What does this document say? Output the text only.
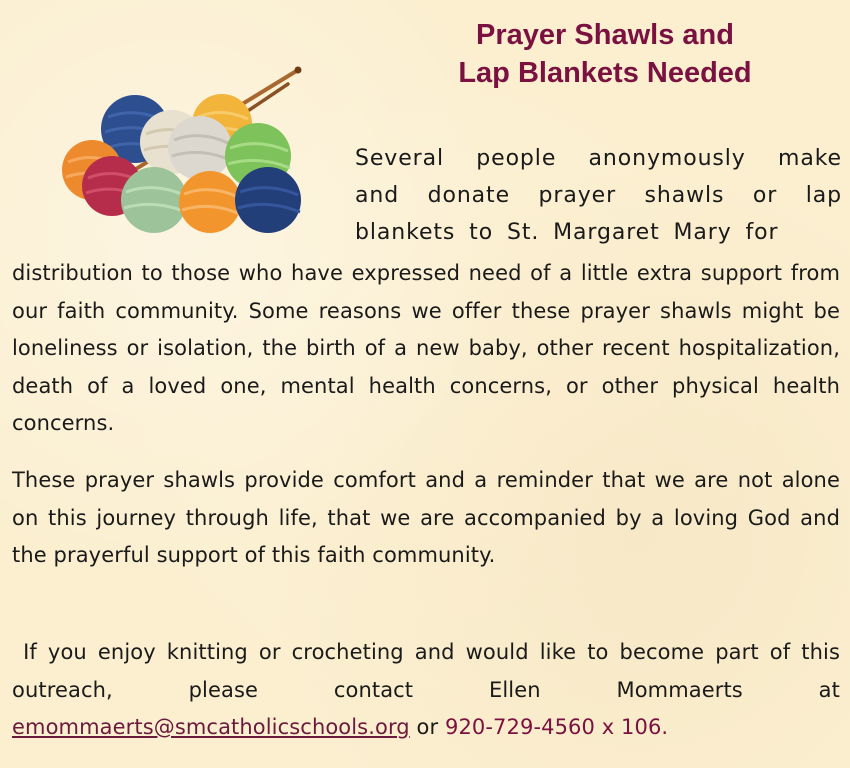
Prayer Shawls and
Lap Blankets Needed
Several people anonymously make and donate prayer shawls or lap blankets to St. Margaret Mary for
distribution to those who have expressed need of a little extra support from our faith community. Some reasons we offer these prayer shawls might be loneliness or isolation, the birth of a new baby, other recent hospitalization, death of a loved one, mental health concerns, or other physical health concerns.
These prayer shawls provide comfort and a reminder that we are not alone on this journey through life, that we are accompanied by a loving God and the prayerful support of this faith community.
If you enjoy knitting or crocheting and would like to become part of this outreach, please contact Ellen Mommaerts at emommaerts@smcatholicschools.org or 920-729-4560 x 106.
